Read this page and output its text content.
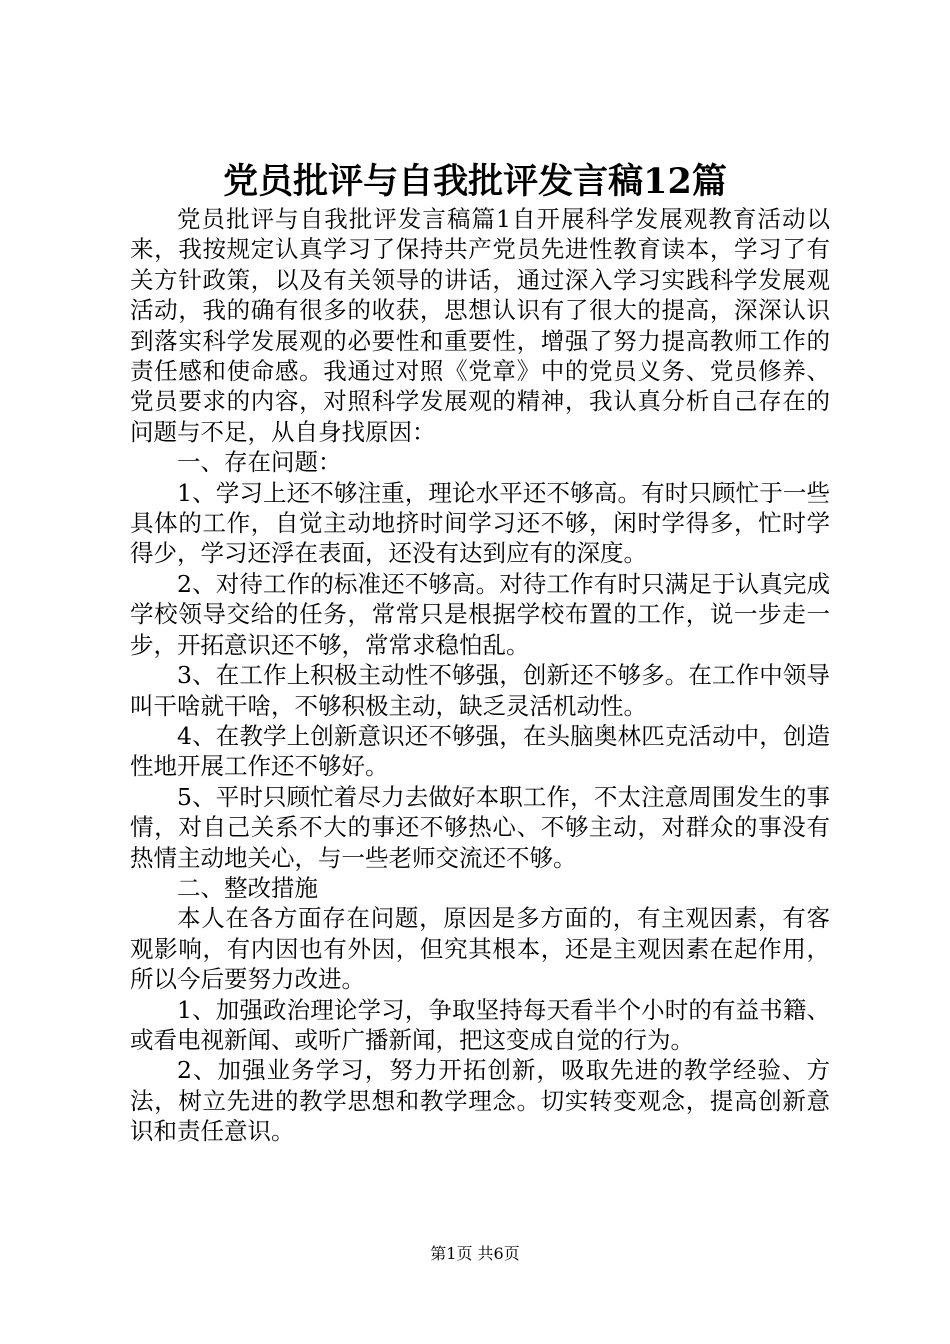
党员批评与自我批评发言稿12篇

党员批评与自我批评发言稿篇1自开展科学发展观教育活动以来，我按规定认真学习了保持共产党员先进性教育读本，学习了有关方针政策，以及有关领导的讲话，通过深入学习实践科学发展观活动，我的确有很多的收获，思想认识有了很大的提高，深深认识到落实科学发展观的必要性和重要性，增强了努力提高教师工作的责任感和使命感。我通过对照《党章》中的党员义务、党员修养、党员要求的内容，对照科学发展观的精神，我认真分析自己存在的问题与不足，从自身找原因：

一、存在问题：

1、学习上还不够注重，理论水平还不够高。有时只顾忙于一些具体的工作，自觉主动地挤时间学习还不够，闲时学得多，忙时学得少，学习还浮在表面，还没有达到应有的深度。

2、对待工作的标准还不够高。对待工作有时只满足于认真完成学校领导交给的任务，常常只是根据学校布置的工作，说一步走一步，开拓意识还不够，常常求稳怕乱。

3、在工作上积极主动性不够强，创新还不够多。在工作中领导叫干啥就干啥，不够积极主动，缺乏灵活机动性。

4、在教学上创新意识还不够强，在头脑奥林匹克活动中，创造性地开展工作还不够好。

5、平时只顾忙着尽力去做好本职工作，不太注意周围发生的事情，对自己关系不大的事还不够热心、不够主动，对群众的事没有热情主动地关心，与一些老师交流还不够。

二、整改措施

本人在各方面存在问题，原因是多方面的，有主观因素，有客观影响，有内因也有外因，但究其根本，还是主观因素在起作用，所以今后要努力改进。

1、加强政治理论学习，争取坚持每天看半个小时的有益书籍、或看电视新闻、或听广播新闻，把这变成自觉的行为。

2、加强业务学习，努力开拓创新，吸取先进的教学经验、方法，树立先进的教学思想和教学理念。切实转变观念，提高创新意识和责任意识。

第1页 共6页
